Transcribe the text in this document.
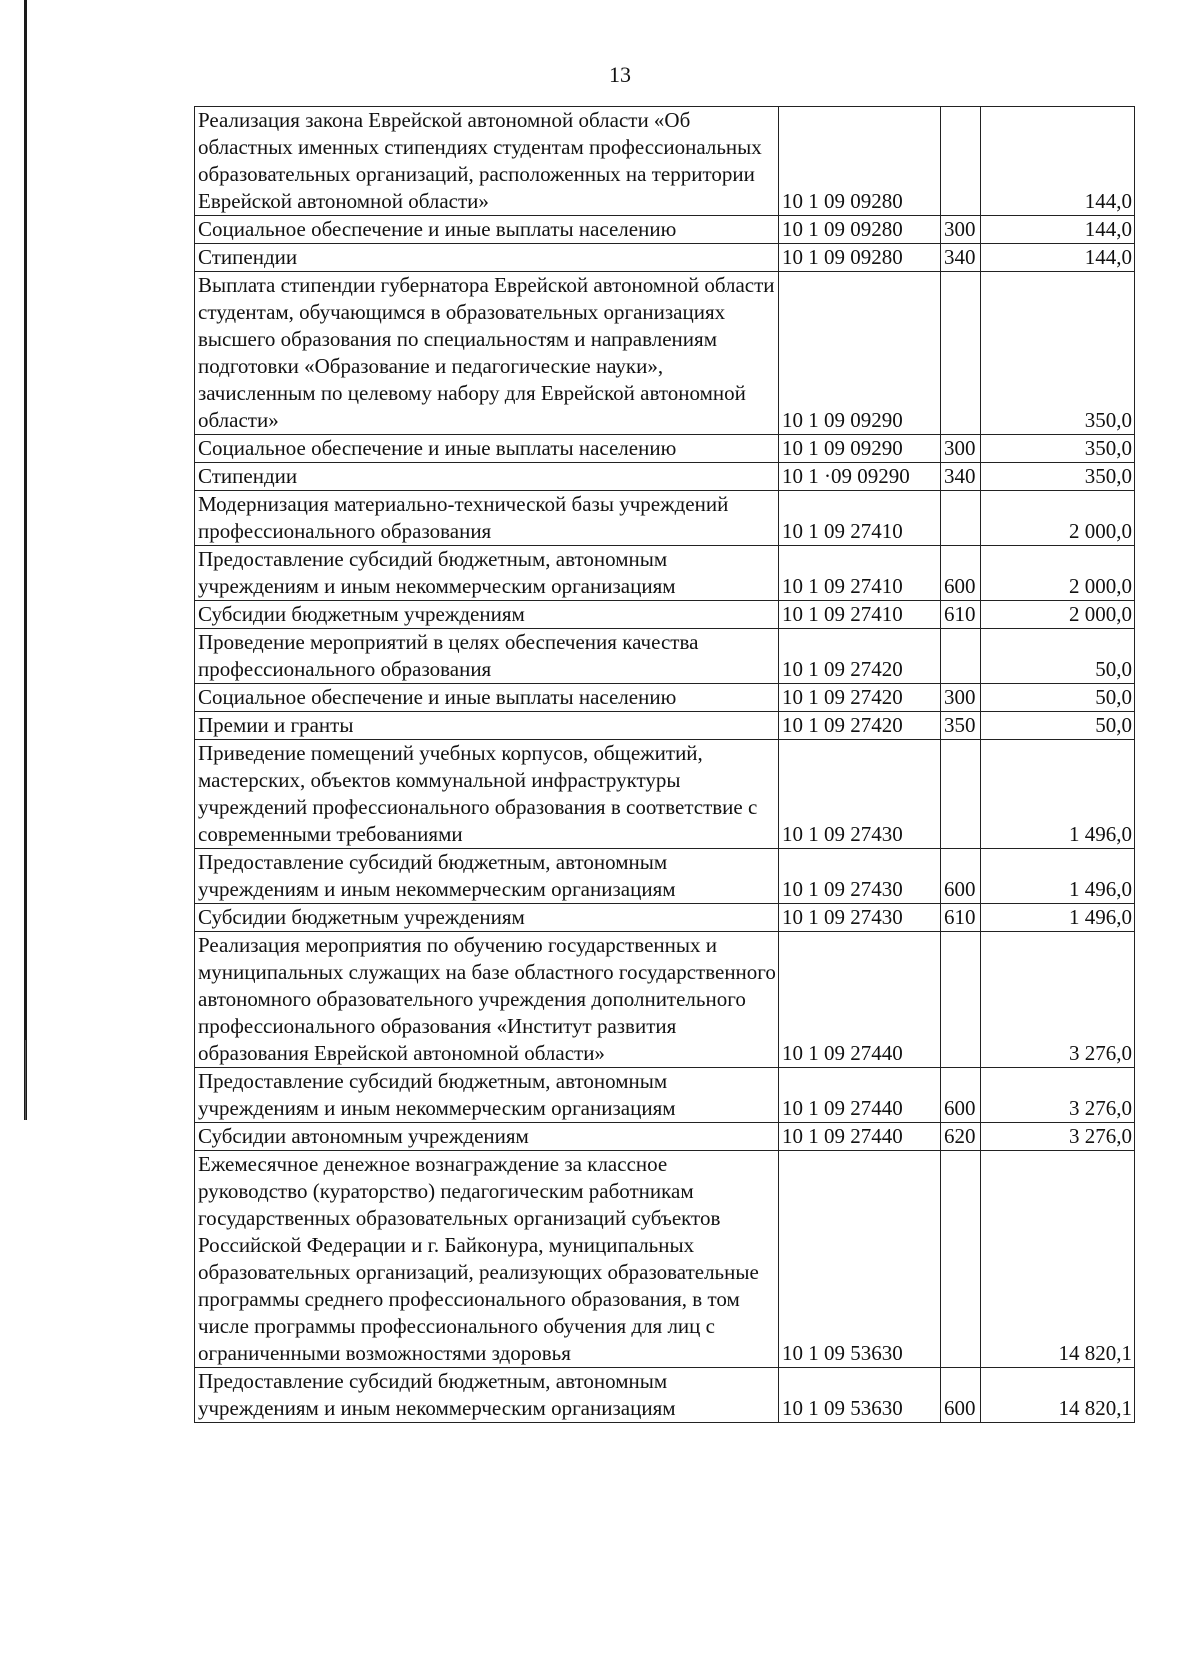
13
Реализация закона Еврейской автономной области «Об областных именных стипендиях студентам профессиональных образовательных организаций, расположенных на территории Еврейской автономной области»	10 1 09 09280		144,0
Социальное обеспечение и иные выплаты населению	10 1 09 09280	300	144,0
Стипендии	10 1 09 09280	340	144,0
Выплата стипендии губернатора Еврейской автономной области студентам, обучающимся в образовательных организациях высшего образования по специальностям и направлениям подготовки «Образование и педагогические науки», зачисленным по целевому набору для Еврейской автономной области»	10 1 09 09290		350,0
Социальное обеспечение и иные выплаты населению	10 1 09 09290	300	350,0
Стипендии	10 1 ·09 09290	340	350,0
Модернизация материально-технической базы учреждений профессионального образования	10 1 09 27410		2 000,0
Предоставление субсидий бюджетным, автономным учреждениям и иным некоммерческим организациям	10 1 09 27410	600	2 000,0
Субсидии бюджетным учреждениям	10 1 09 27410	610	2 000,0
Проведение мероприятий в целях обеспечения качества профессионального образования	10 1 09 27420		50,0
Социальное обеспечение и иные выплаты населению	10 1 09 27420	300	50,0
Премии и гранты	10 1 09 27420	350	50,0
Приведение помещений учебных корпусов, общежитий, мастерских, объектов коммунальной инфраструктуры учреждений профессионального образования в соответствие с современными требованиями	10 1 09 27430		1 496,0
Предоставление субсидий бюджетным, автономным учреждениям и иным некоммерческим организациям	10 1 09 27430	600	1 496,0
Субсидии бюджетным учреждениям	10 1 09 27430	610	1 496,0
Реализация мероприятия по обучению государственных и муниципальных служащих на базе областного государственного автономного образовательного учреждения дополнительного профессионального образования «Институт развития образования Еврейской автономной области»	10 1 09 27440		3 276,0
Предоставление субсидий бюджетным, автономным учреждениям и иным некоммерческим организациям	10 1 09 27440	600	3 276,0
Субсидии автономным учреждениям	10 1 09 27440	620	3 276,0
Ежемесячное денежное вознаграждение за классное руководство (кураторство) педагогическим работникам государственных образовательных организаций субъектов Российской Федерации и г. Байконура, муниципальных образовательных организаций, реализующих образовательные программы среднего профессионального образования, в том числе программы профессионального обучения для лиц с ограниченными возможностями здоровья	10 1 09 53630		14 820,1
Предоставление субсидий бюджетным, автономным учреждениям и иным некоммерческим организациям	10 1 09 53630	600	14 820,1
